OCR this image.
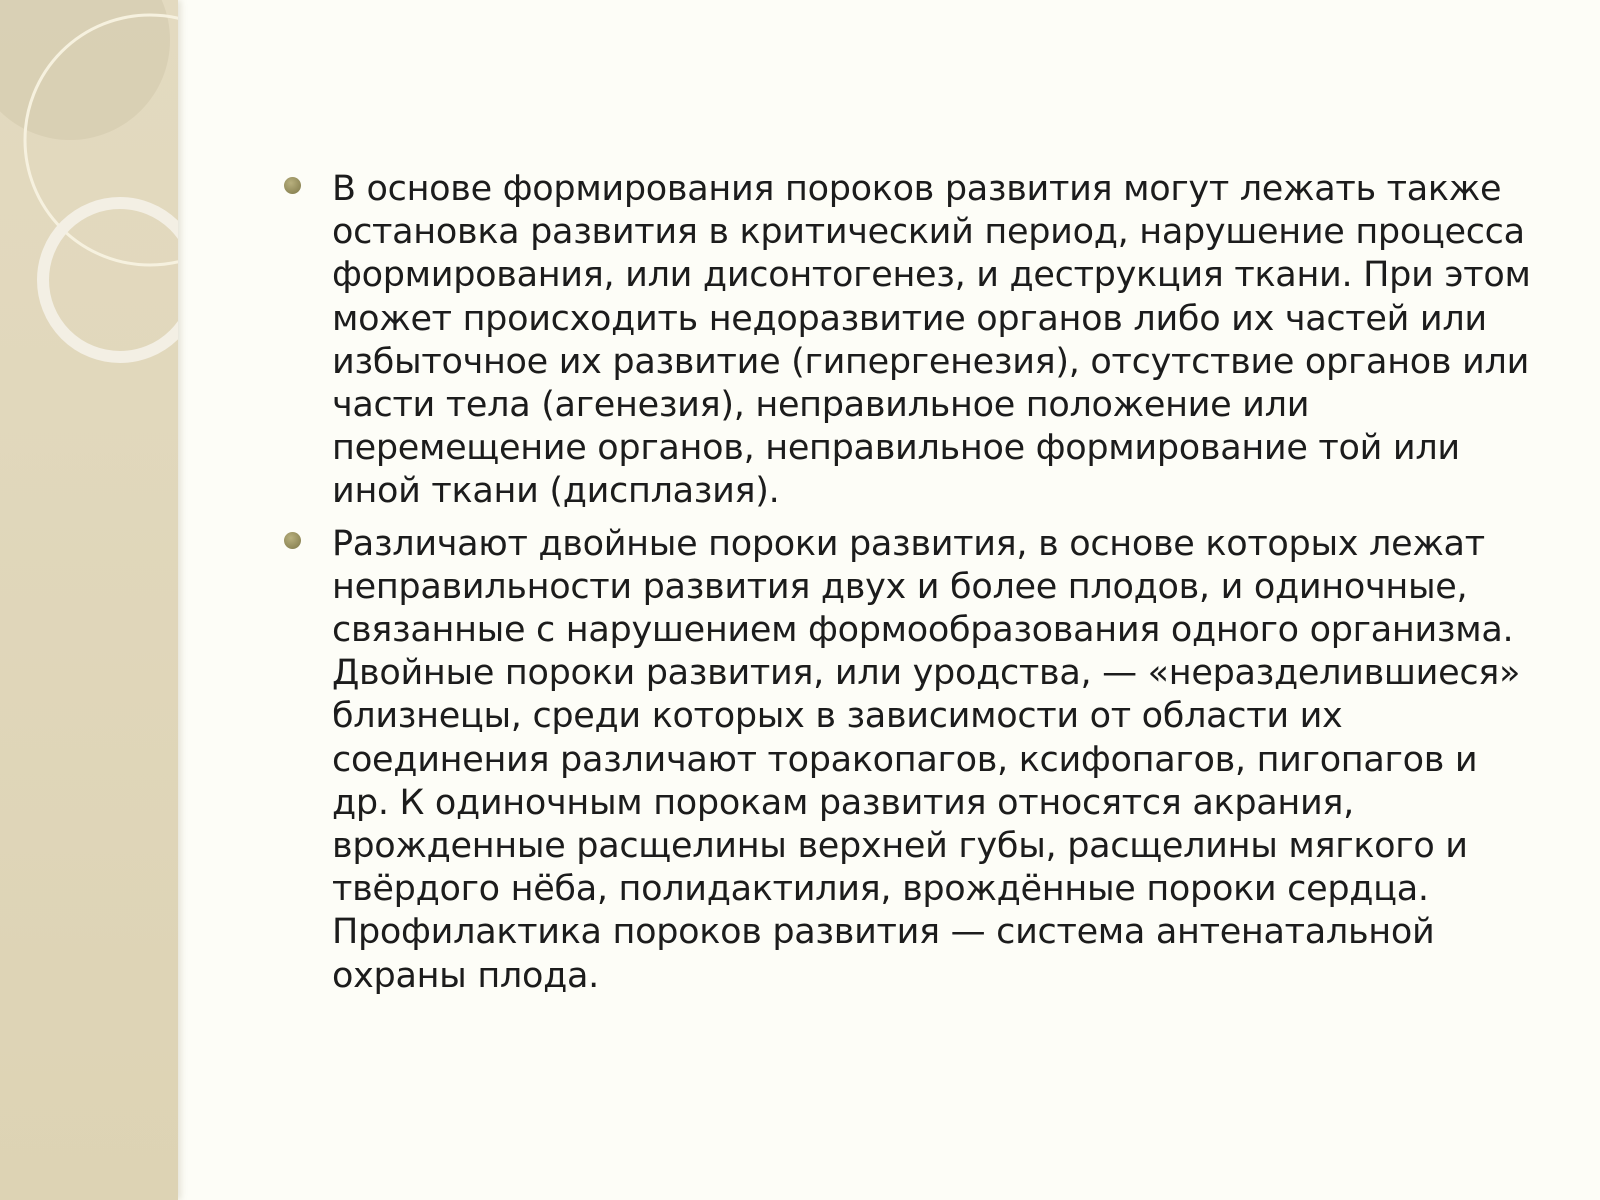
В основе формирования пороков развития могут лежать также остановка развития в критический период, нарушение процесса формирования, или дисонтогенез, и деструкция ткани. При этом может происходить недоразвитие органов либо их частей или избыточное их развитие (гипергенезия), отсутствие органов или части тела (агенезия), неправильное положение или перемещение органов, неправильное формирование той или иной ткани (дисплазия).
Различают двойные пороки развития, в основе которых лежат неправильности развития двух и более плодов, и одиночные, связанные с нарушением формообразования одного организма. Двойные пороки развития, или уродства, — «неразделившиеся» близнецы, среди которых в зависимости от области их соединения различают торакопагов, ксифопагов, пигопагов и др. К одиночным порокам развития относятся акрания, врожденные расщелины верхней губы, расщелины мягкого и твёрдого нёба, полидактилия, врождённые пороки сердца. Профилактика пороков развития — система антенатальной охраны плода.
